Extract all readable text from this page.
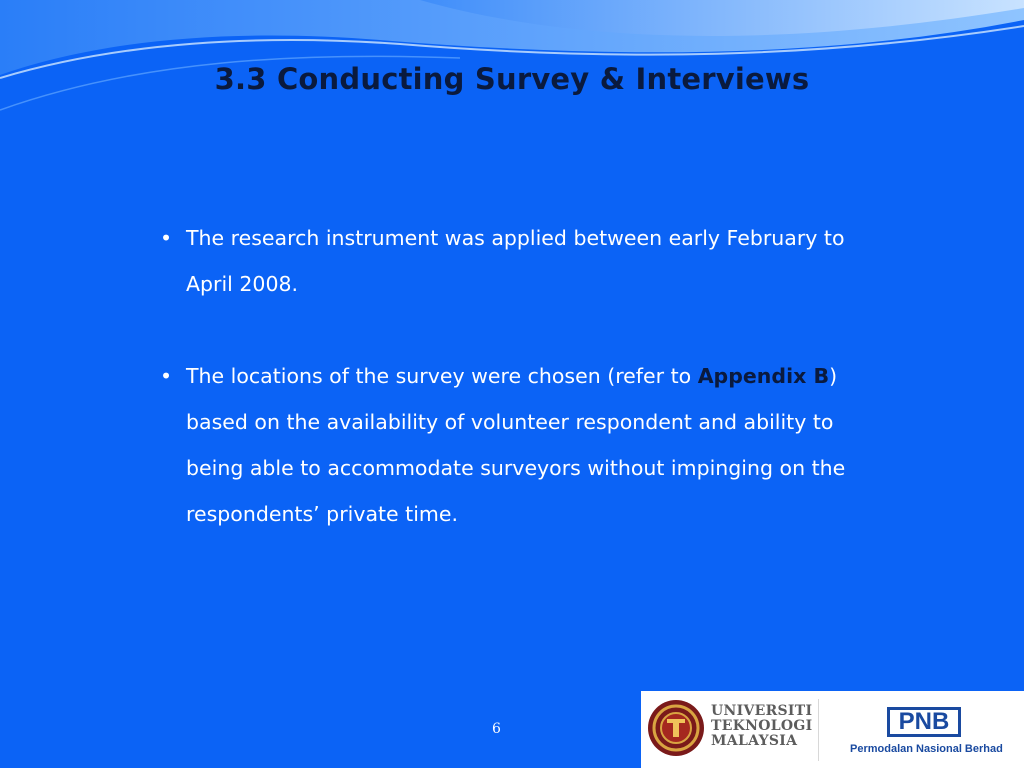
3.3 Conducting Survey & Interviews
• The research instrument was applied between early February to April 2008.
• The locations of the survey were chosen (refer to Appendix B) based on the availability of volunteer respondent and ability to being able to accommodate surveyors without impinging on the respondents’ private time.
6
UNIVERSITI
TEKNOLOGI
MALAYSIA
PNB
Permodalan Nasional Berhad
